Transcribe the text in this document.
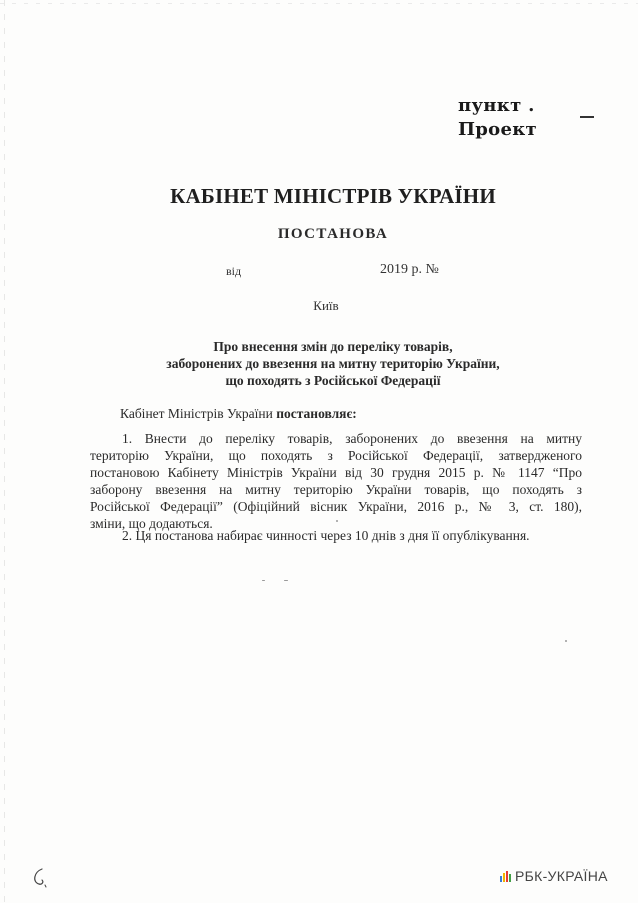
пункт .
Проект
КАБІНЕТ МІНІСТРІВ УКРАЇНИ
ПОСТАНОВА
від	2019 р. №
Київ
Про внесення змін до переліку товарів,
заборонених до ввезення на митну територію України,
що походять з Російської Федерації
Кабінет Міністрів України постановляє:
1. Внести до переліку товарів, заборонених до ввезення на митну
територію України, що походять з Російської Федерації, затвердженого
постановою Кабінету Міністрів України від 30 грудня 2015 р. № 1147 “Про
заборону ввезення на митну територію України товарів, що походять з
Російської Федерації” (Офіційний вісник України, 2016 р., № 3, ст. 180),
зміни, що додаються.
2. Ця постанова набирає чинності через 10 днів з дня її опублікування.
РБК-УКРАЇНА
